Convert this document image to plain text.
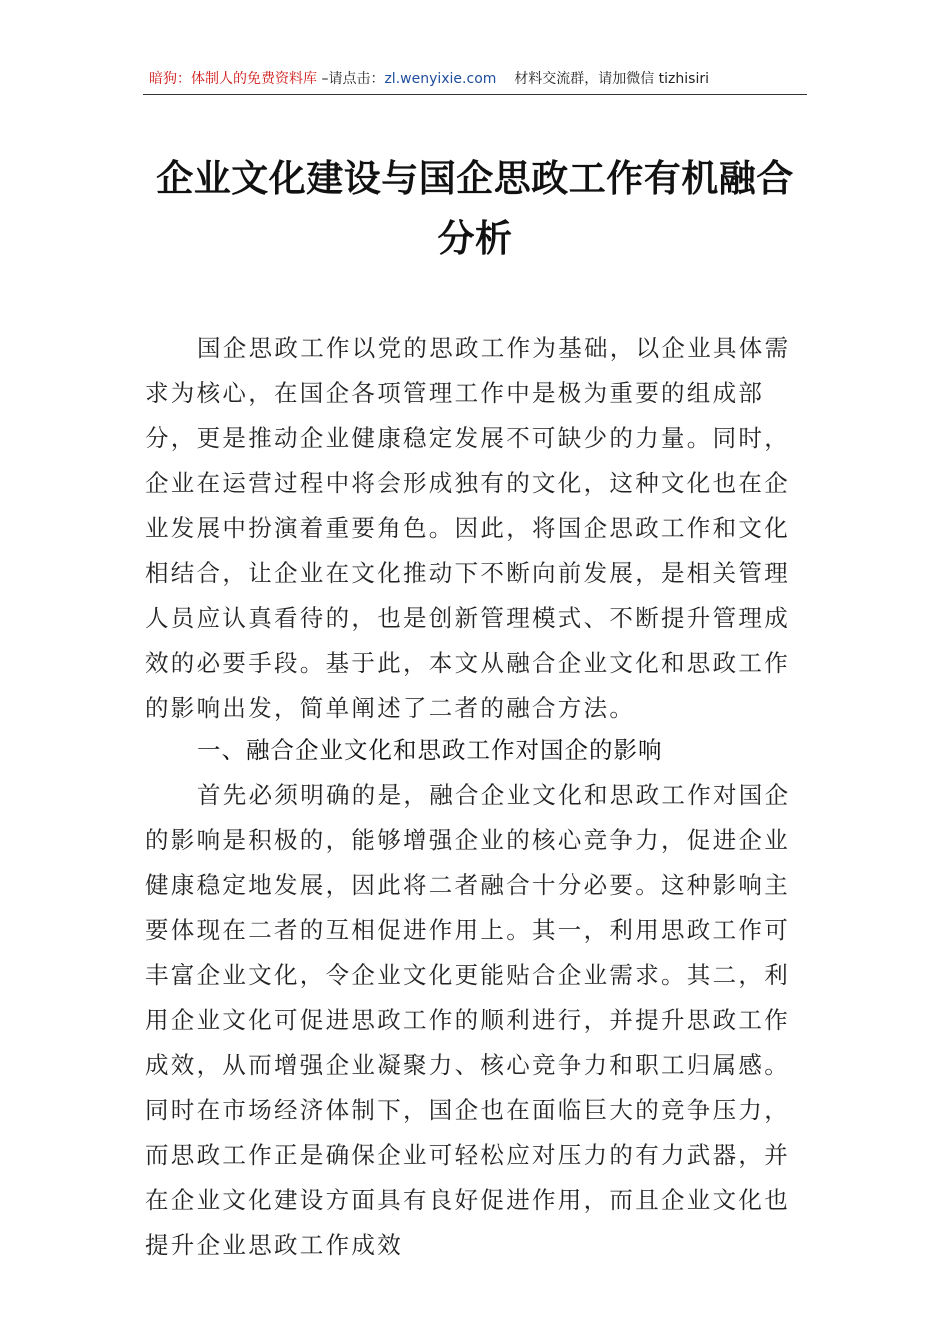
暗狗：体制人的免费资料库 –请点击：zl.wenyixie.com 材料交流群，请加微信 tizhisiri
企业文化建设与国企思政工作有机融合分析

国企思政工作以党的思政工作为基础，以企业具体需求为核心，在国企各项管理工作中是极为重要的组成部分，更是推动企业健康稳定发展不可缺少的力量。同时，企业在运营过程中将会形成独有的文化，这种文化也在企业发展中扮演着重要角色。因此，将国企思政工作和文化相结合，让企业在文化推动下不断向前发展，是相关管理人员应认真看待的，也是创新管理模式、不断提升管理成效的必要手段。基于此，本文从融合企业文化和思政工作的影响出发，简单阐述了二者的融合方法。

一、融合企业文化和思政工作对国企的影响

首先必须明确的是，融合企业文化和思政工作对国企的影响是积极的，能够增强企业的核心竞争力，促进企业健康稳定地发展，因此将二者融合十分必要。这种影响主要体现在二者的互相促进作用上。其一，利用思政工作可丰富企业文化，令企业文化更能贴合企业需求。其二，利用企业文化可促进思政工作的顺利进行，并提升思政工作成效，从而增强企业凝聚力、核心竞争力和职工归属感。同时在市场经济体制下，国企也在面临巨大的竞争压力，而思政工作正是确保企业可轻松应对压力的有力武器，并在企业文化建设方面具有良好促进作用，而且企业文化也提升企业思政工作成效
